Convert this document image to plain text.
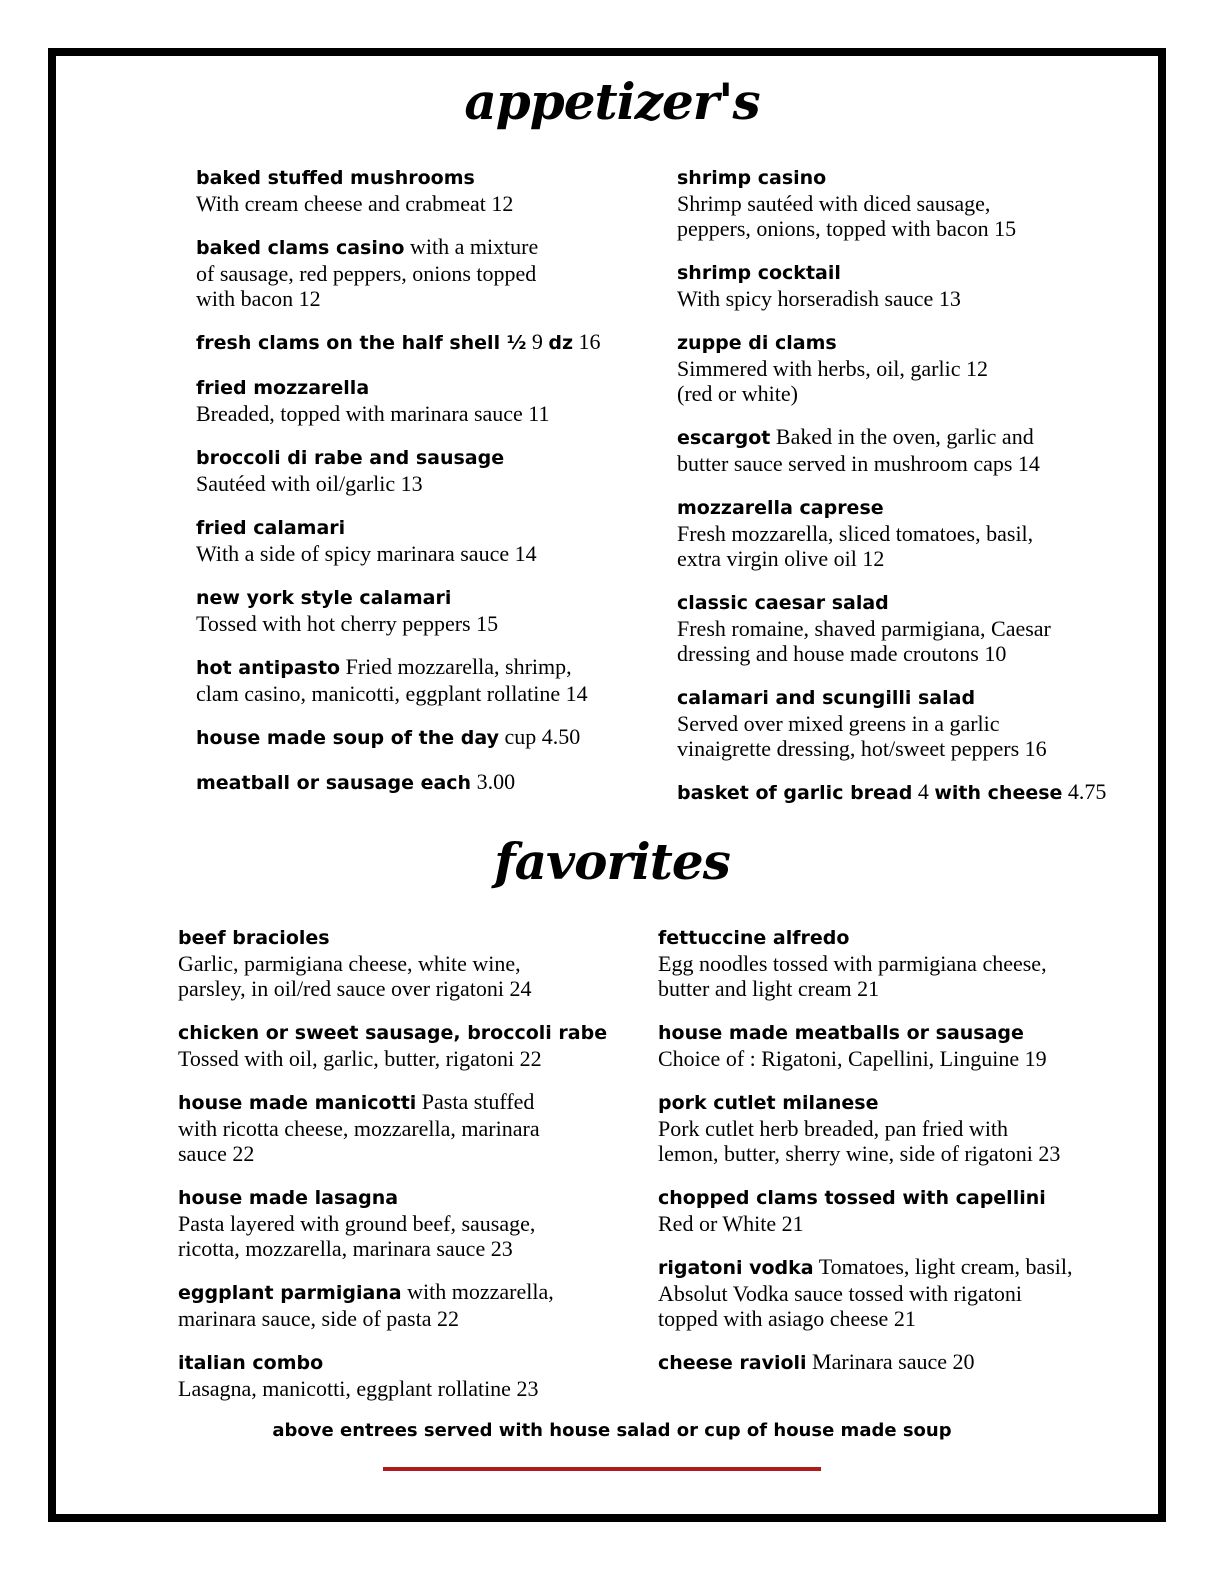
appetizer's
baked stuffed mushrooms
With cream cheese and crabmeat 12
baked clams casino with a mixture
of sausage, red peppers, onions topped
with bacon 12
fresh clams on the half shell ½ 9 dz 16
fried mozzarella
Breaded, topped with marinara sauce 11
broccoli di rabe and sausage
Sautéed with oil/garlic 13
fried calamari
With a side of spicy marinara sauce 14
new york style calamari
Tossed with hot cherry peppers 15
hot antipasto Fried mozzarella, shrimp,
clam casino, manicotti, eggplant rollatine 14
house made soup of the day cup 4.50
meatball or sausage each 3.00
shrimp casino
Shrimp sautéed with diced sausage,
peppers, onions, topped with bacon 15
shrimp cocktail
With spicy horseradish sauce 13
zuppe di clams
Simmered with herbs, oil, garlic 12
(red or white)
escargot Baked in the oven, garlic and
butter sauce served in mushroom caps 14
mozzarella caprese
Fresh mozzarella, sliced tomatoes, basil,
extra virgin olive oil 12
classic caesar salad
Fresh romaine, shaved parmigiana, Caesar
dressing and house made croutons 10
calamari and scungilli salad
Served over mixed greens in a garlic
vinaigrette dressing, hot/sweet peppers 16
basket of garlic bread 4 with cheese 4.75
favorites
beef bracioles
Garlic, parmigiana cheese, white wine,
parsley, in oil/red sauce over rigatoni 24
chicken or sweet sausage, broccoli rabe
Tossed with oil, garlic, butter, rigatoni 22
house made manicotti Pasta stuffed
with ricotta cheese, mozzarella, marinara
sauce 22
house made lasagna
Pasta layered with ground beef, sausage,
ricotta, mozzarella, marinara sauce 23
eggplant parmigiana with mozzarella,
marinara sauce, side of pasta 22
italian combo
Lasagna, manicotti, eggplant rollatine 23
fettuccine alfredo
Egg noodles tossed with parmigiana cheese,
butter and light cream 21
house made meatballs or sausage
Choice of : Rigatoni, Capellini, Linguine 19
pork cutlet milanese
Pork cutlet herb breaded, pan fried with
lemon, butter, sherry wine, side of rigatoni 23
chopped clams tossed with capellini
Red or White 21
rigatoni vodka Tomatoes, light cream, basil,
Absolut Vodka sauce tossed with rigatoni
topped with asiago cheese 21
cheese ravioli Marinara sauce 20
above entrees served with house salad or cup of house made soup
